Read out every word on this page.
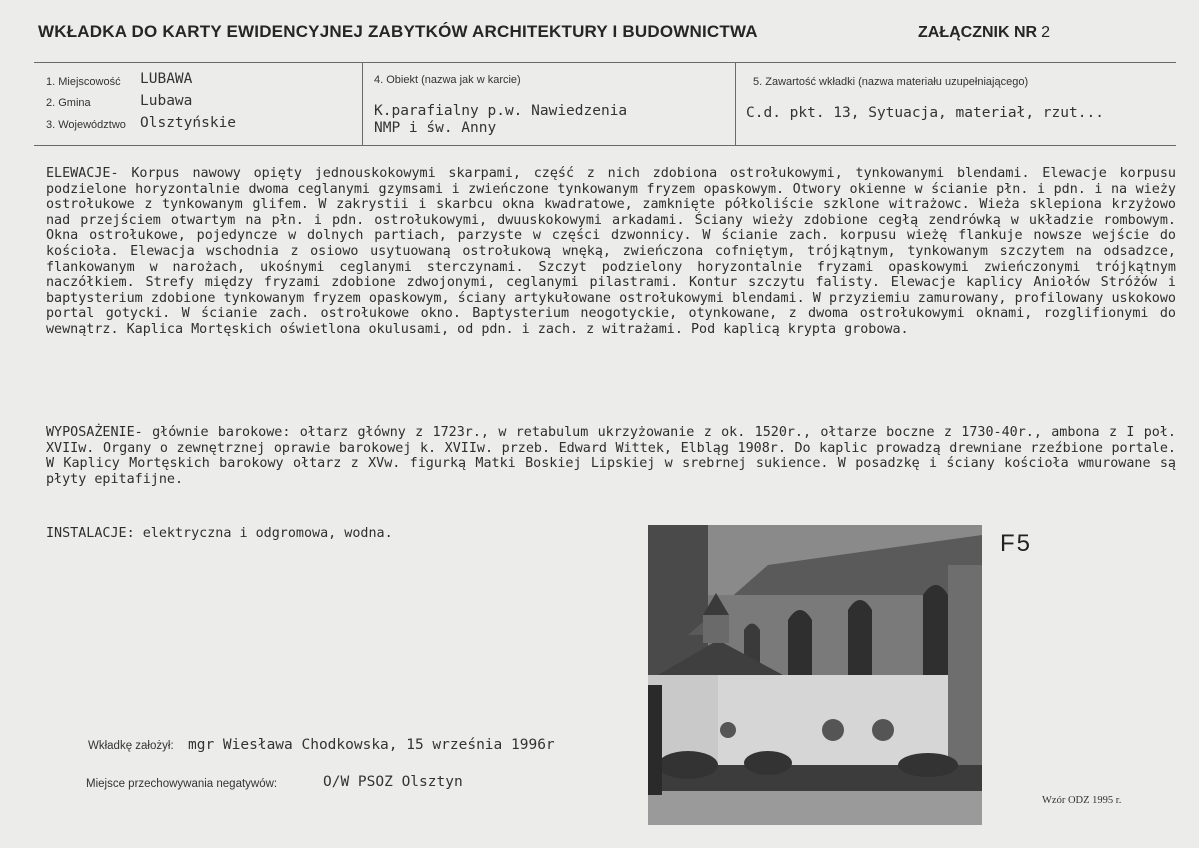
WKŁADKA DO KARTY EWIDENCYJNEJ ZABYTKÓW ARCHITEKTURY I BUDOWNICTWA	ZAŁĄCZNIK NR 2
1. Miejscowość LUBAWA
2. Gmina	Lubawa
3. Województwo Olsztyńskie
4. Obiekt (nazwa jak w karcie)
K.parafialny p.w. Nawiedzenia
NMP i św. Anny
5. Zawartość wkładki (nazwa materiału uzupełniającego)
C.d. pkt. 13, Sytuacja, materiał, rzut...

ELEWACJE- Korpus nawowy opięty jednouskokowymi skarpami, część z nich zdobiona ostrołukowymi, tynkowanymi blendami. Elewacje korpusu podzielone horyzontalnie dwoma ceglanymi gzymsami i zwieńczone tynkowanym fryzem opaskowym. Otwory okienne w ścianie płn. i pdn. i na wieży ostrołukowe z tynkowanym glifem. W zakrystii i skarbcu okna kwadratowe, zamknięte półkoliście szklone witrażowc. Wieża sklepiona krzyżowo nad przejściem otwartym na płn. i pdn. ostrołukowymi, dwuuskokowymi arkadami. Ściany wieży zdobione cegłą zendrówką w układzie rombowym. Okna ostrołukowe, pojedyncze w dolnych partiach, parzyste w części dzwonnicy. W ścianie zach. korpusu wieżę flankuje nowsze wejście do kościoła. Elewacja wschodnia z osiowo usytuowaną ostrołukową wnęką, zwieńczona cofniętym, trójkątnym, tynkowanym szczytem na odsadzce, flankowanym w narożach, ukośnymi ceglanymi sterczynami. Szczyt podzielony horyzontalnie fryzami opaskowymi zwieńczonymi trójkątnym naczółkiem. Strefy między fryzami zdobione zdwojonymi, ceglanymi pilastrami. Kontur szczytu falisty. Elewacje kaplicy Aniołów Stróżów i baptysterium zdobione tynkowanym fryzem opaskowym, ściany artykułowane ostrołukowymi blendami. W przyziemiu zamurowany, profilowany uskokowo portal gotycki. W ścianie zach. ostrołukowe okno. Baptysterium neogotyckie, otynkowane, z dwoma ostrołukowymi oknami, rozglifionymi do wewnątrz. Kaplica Mortęskich oświetlona okulusami, od pdn. i zach. z witrażami. Pod kaplicą krypta grobowa.

WYPOSAŻENIE- głównie barokowe: ołtarz główny z 1723r., w retabulum ukrzyżowanie z ok. 1520r., ołtarze boczne z 1730-40r., ambona z I poł. XVIIw. Organy o zewnętrznej oprawie barokowej k. XVIIw. przeb. Edward Wittek, Elbląg 1908r. Do kaplic prowadzą drewniane rzeźbione portale. W Kaplicy Mortęskich barokowy ołtarz z XVw. figurką Matki Boskiej Lipskiej w srebrnej sukience. W posadzkę i ściany kościoła wmurowane są płyty epitafijne.

INSTALACJE: elektryczna i odgromowa, wodna.	F5
Wkładkę założył: mgr Wiesława Chodkowska, 15 września 1996r
Miejsce przechowywania negatywów:	O/W PSOZ Olsztyn
Wzór ODZ 1995 r.
